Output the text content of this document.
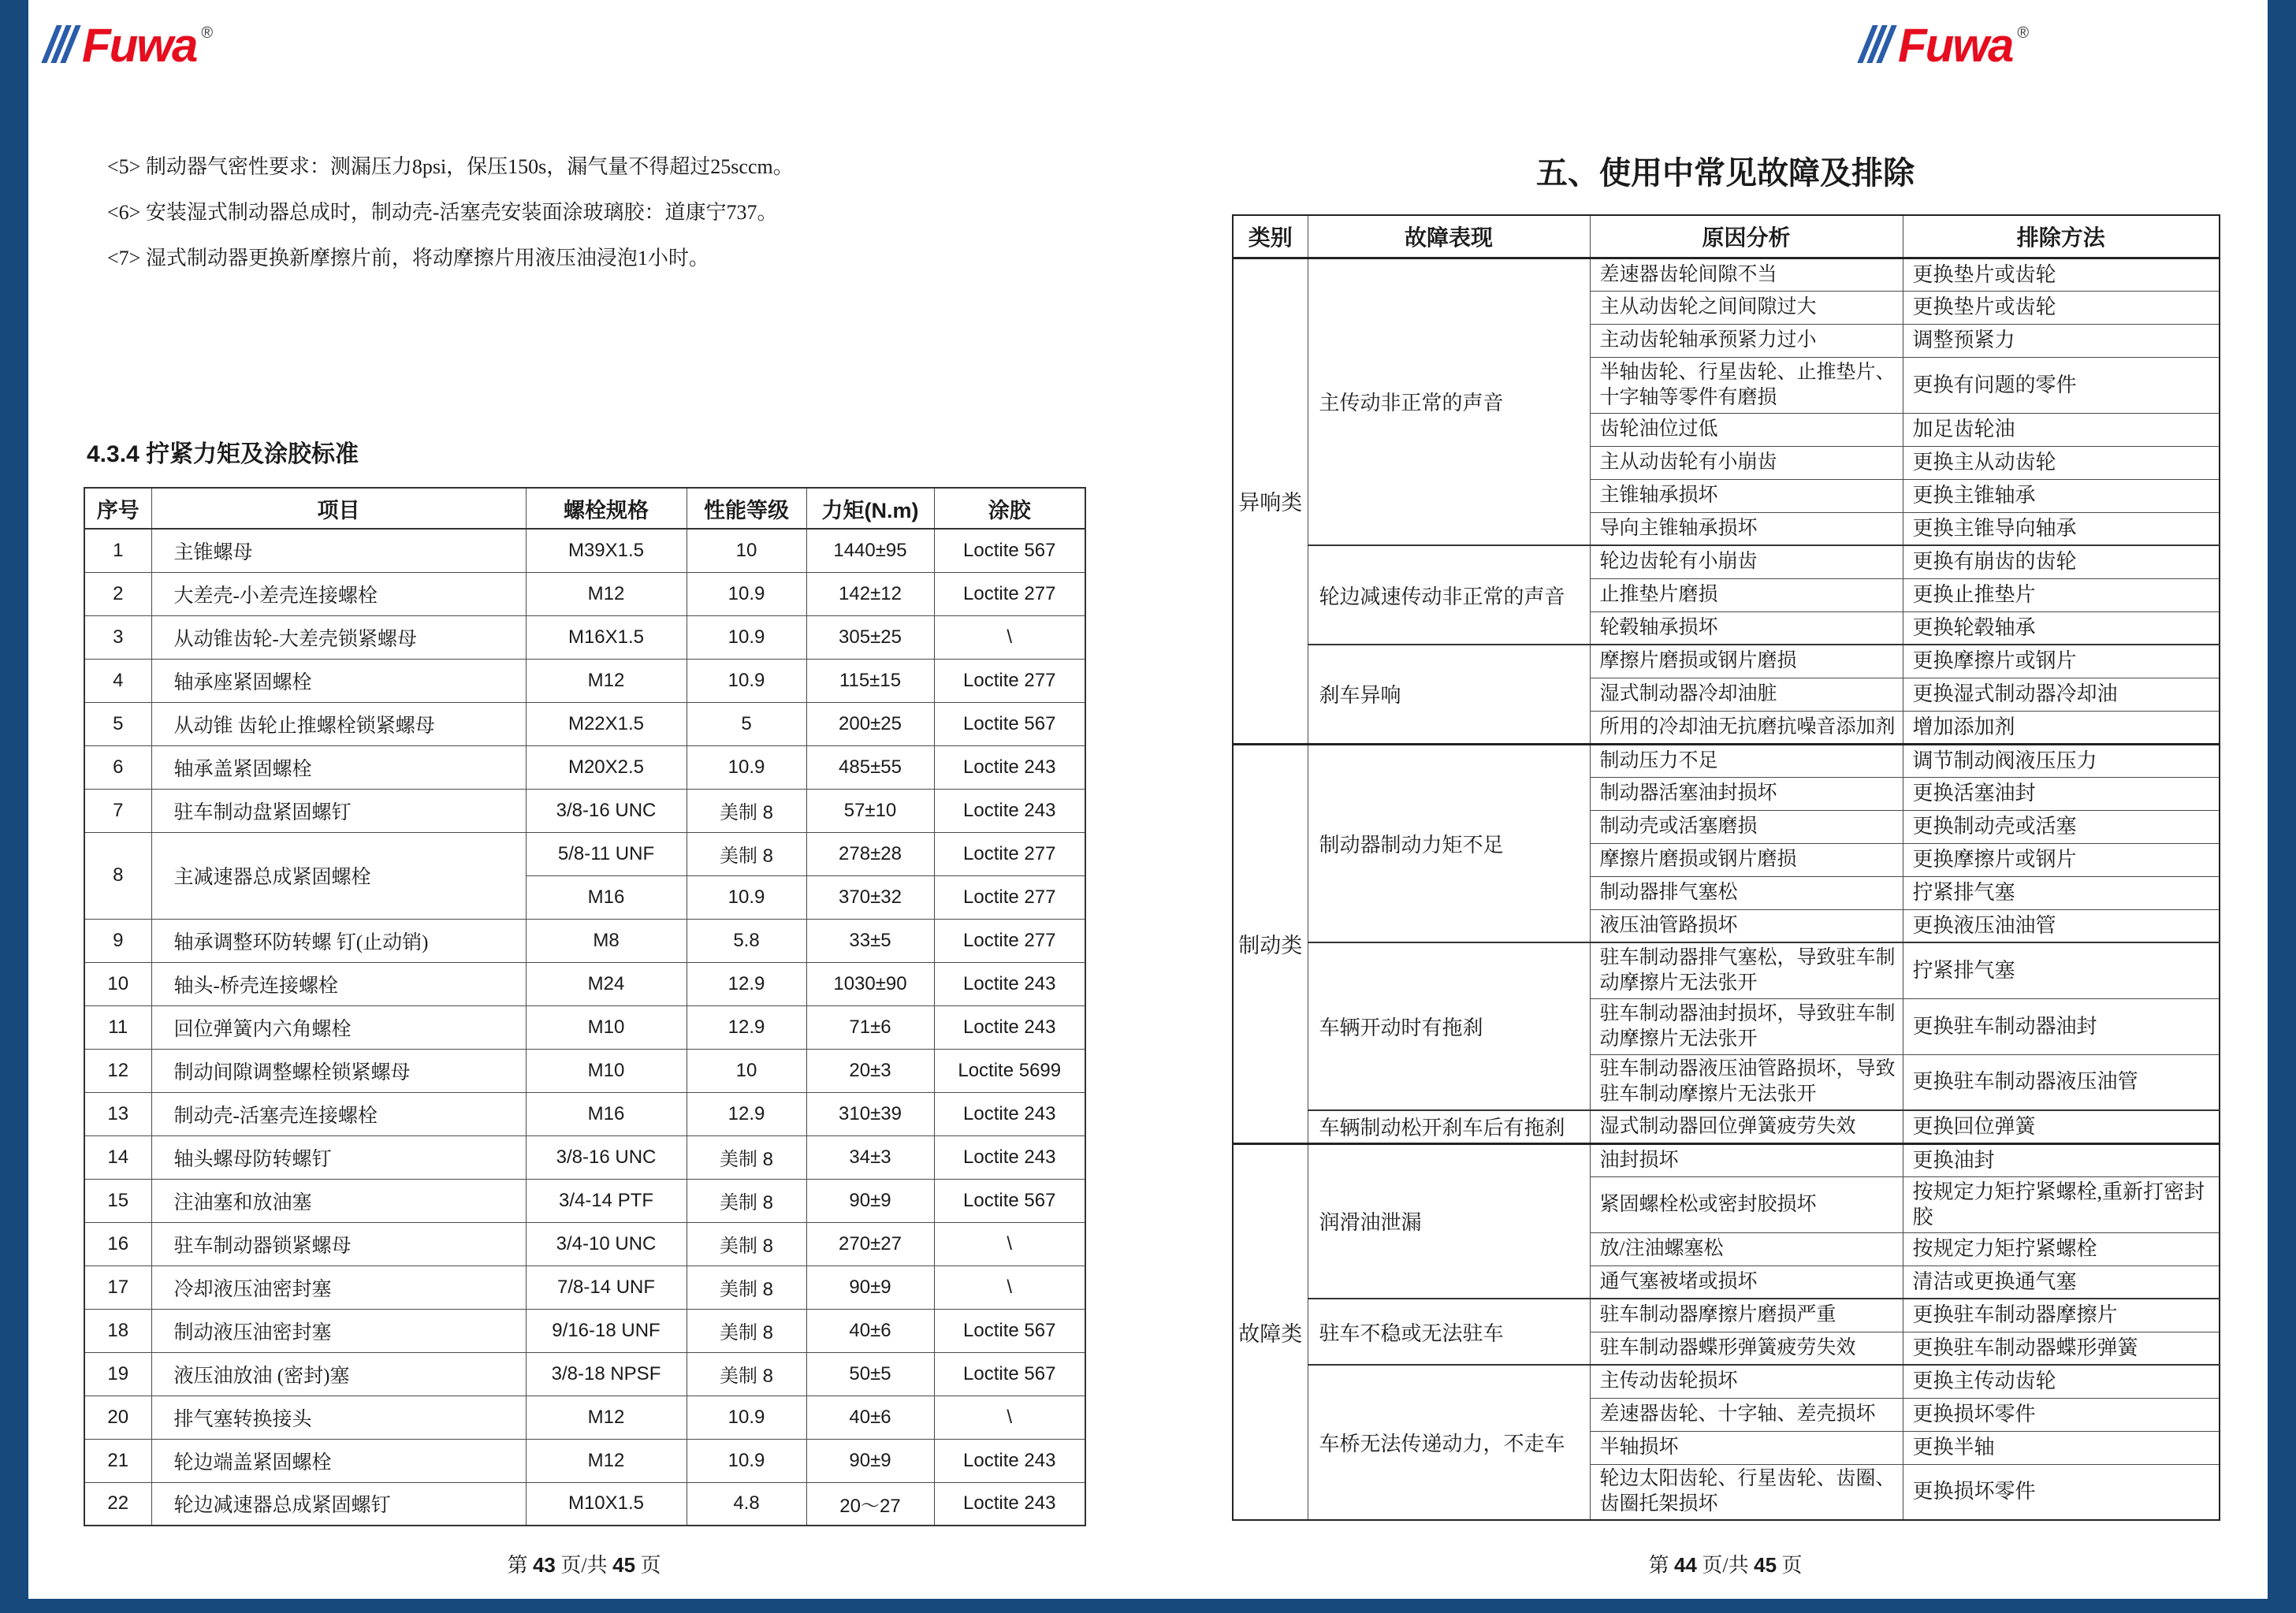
Fuwa ®	Fuwa ®
<5> 制动器气密性要求：测漏压力8psi，保压150s，漏气量不得超过25sccm。
<6> 安装湿式制动器总成时，制动壳-活塞壳安装面涂玻璃胶：道康宁737。
<7> 湿式制动器更换新摩擦片前，将动摩擦片用液压油浸泡1小时。
4.3.4 拧紧力矩及涂胶标准
序号	项目	螺栓规格	性能等级	力矩(N.m)	涂胶
1	主锥螺母	M39X1.5	10	1440±95	Loctite 567
2	大差壳-小差壳连接螺栓	M12	10.9	142±12	Loctite 277
3	从动锥齿轮-大差壳锁紧螺母	M16X1.5	10.9	305±25	\
4	轴承座紧固螺栓	M12	10.9	115±15	Loctite 277
5	从动锥 齿轮止推螺栓锁紧螺母	M22X1.5	5	200±25	Loctite 567
6	轴承盖紧固螺栓	M20X2.5	10.9	485±55	Loctite 243
7	驻车制动盘紧固螺钉	3/8-16 UNC	美制 8	57±10	Loctite 243
8	主减速器总成紧固螺栓	5/8-11 UNF	美制 8	278±28	Loctite 277
		M16	10.9	370±32	Loctite 277
9	轴承调整环防转螺 钉(止动销)	M8	5.8	33±5	Loctite 277
10	轴头-桥壳连接螺栓	M24	12.9	1030±90	Loctite 243
11	回位弹簧内六角螺栓	M10	12.9	71±6	Loctite 243
12	制动间隙调整螺栓锁紧螺母	M10	10	20±3	Loctite 5699
13	制动壳-活塞壳连接螺栓	M16	12.9	310±39	Loctite 243
14	轴头螺母防转螺钉	3/8-16 UNC	美制 8	34±3	Loctite 243
15	注油塞和放油塞	3/4-14 PTF	美制 8	90±9	Loctite 567
16	驻车制动器锁紧螺母	3/4-10 UNC	美制 8	270±27	\
17	冷却液压油密封塞	7/8-14 UNF	美制 8	90±9	\
18	制动液压油密封塞	9/16-18 UNF	美制 8	40±6	Loctite 567
19	液压油放油 (密封)塞	3/8-18 NPSF	美制 8	50±5	Loctite 567
20	排气塞转换接头	M12	10.9	40±6	\
21	轮边端盖紧固螺栓	M12	10.9	90±9	Loctite 243
22	轮边减速器总成紧固螺钉	M10X1.5	4.8	20～27	Loctite 243
第 43 页/共 45 页
五、使用中常见故障及排除
类别	故障表现	原因分析	排除方法
异响类	主传动非正常的声音	差速器齿轮间隙不当	更换垫片或齿轮
		主从动齿轮之间间隙过大	更换垫片或齿轮
		主动齿轮轴承预紧力过小	调整预紧力
		半轴齿轮、行星齿轮、止推垫片、十字轴等零件有磨损	更换有问题的零件
		齿轮油位过低	加足齿轮油
		主从动齿轮有小崩齿	更换主从动齿轮
		主锥轴承损坏	更换主锥轴承
		导向主锥轴承损坏	更换主锥导向轴承
	轮边减速传动非正常的声音	轮边齿轮有小崩齿	更换有崩齿的齿轮
		止推垫片磨损	更换止推垫片
		轮毂轴承损坏	更换轮毂轴承
	刹车异响	摩擦片磨损或钢片磨损	更换摩擦片或钢片
		湿式制动器冷却油脏	更换湿式制动器冷却油
		所用的冷却油无抗磨抗噪音添加剂	增加添加剂
制动类	制动器制动力矩不足	制动压力不足	调节制动阀液压压力
		制动器活塞油封损坏	更换活塞油封
		制动壳或活塞磨损	更换制动壳或活塞
		摩擦片磨损或钢片磨损	更换摩擦片或钢片
		制动器排气塞松	拧紧排气塞
		液压油管路损坏	更换液压油油管
	车辆开动时有拖刹	驻车制动器排气塞松，导致驻车制动摩擦片无法张开	拧紧排气塞
		驻车制动器油封损坏，导致驻车制动摩擦片无法张开	更换驻车制动器油封
		驻车制动器液压油管路损坏，导致驻车制动摩擦片无法张开	更换驻车制动器液压油管
	车辆制动松开刹车后有拖刹	湿式制动器回位弹簧疲劳失效	更换回位弹簧
故障类	润滑油泄漏	油封损坏	更换油封
		紧固螺栓松或密封胶损坏	按规定力矩拧紧螺栓,重新打密封胶
		放/注油螺塞松	按规定力矩拧紧螺栓
		通气塞被堵或损坏	清洁或更换通气塞
	驻车不稳或无法驻车	驻车制动器摩擦片磨损严重	更换驻车制动器摩擦片
		驻车制动器蝶形弹簧疲劳失效	更换驻车制动器蝶形弹簧
	车桥无法传递动力，不走车	主传动齿轮损坏	更换主传动齿轮
		差速器齿轮、十字轴、差壳损坏	更换损坏零件
		半轴损坏	更换半轴
		轮边太阳齿轮、行星齿轮、齿圈、齿圈托架损坏	更换损坏零件
第 44 页/共 45 页
